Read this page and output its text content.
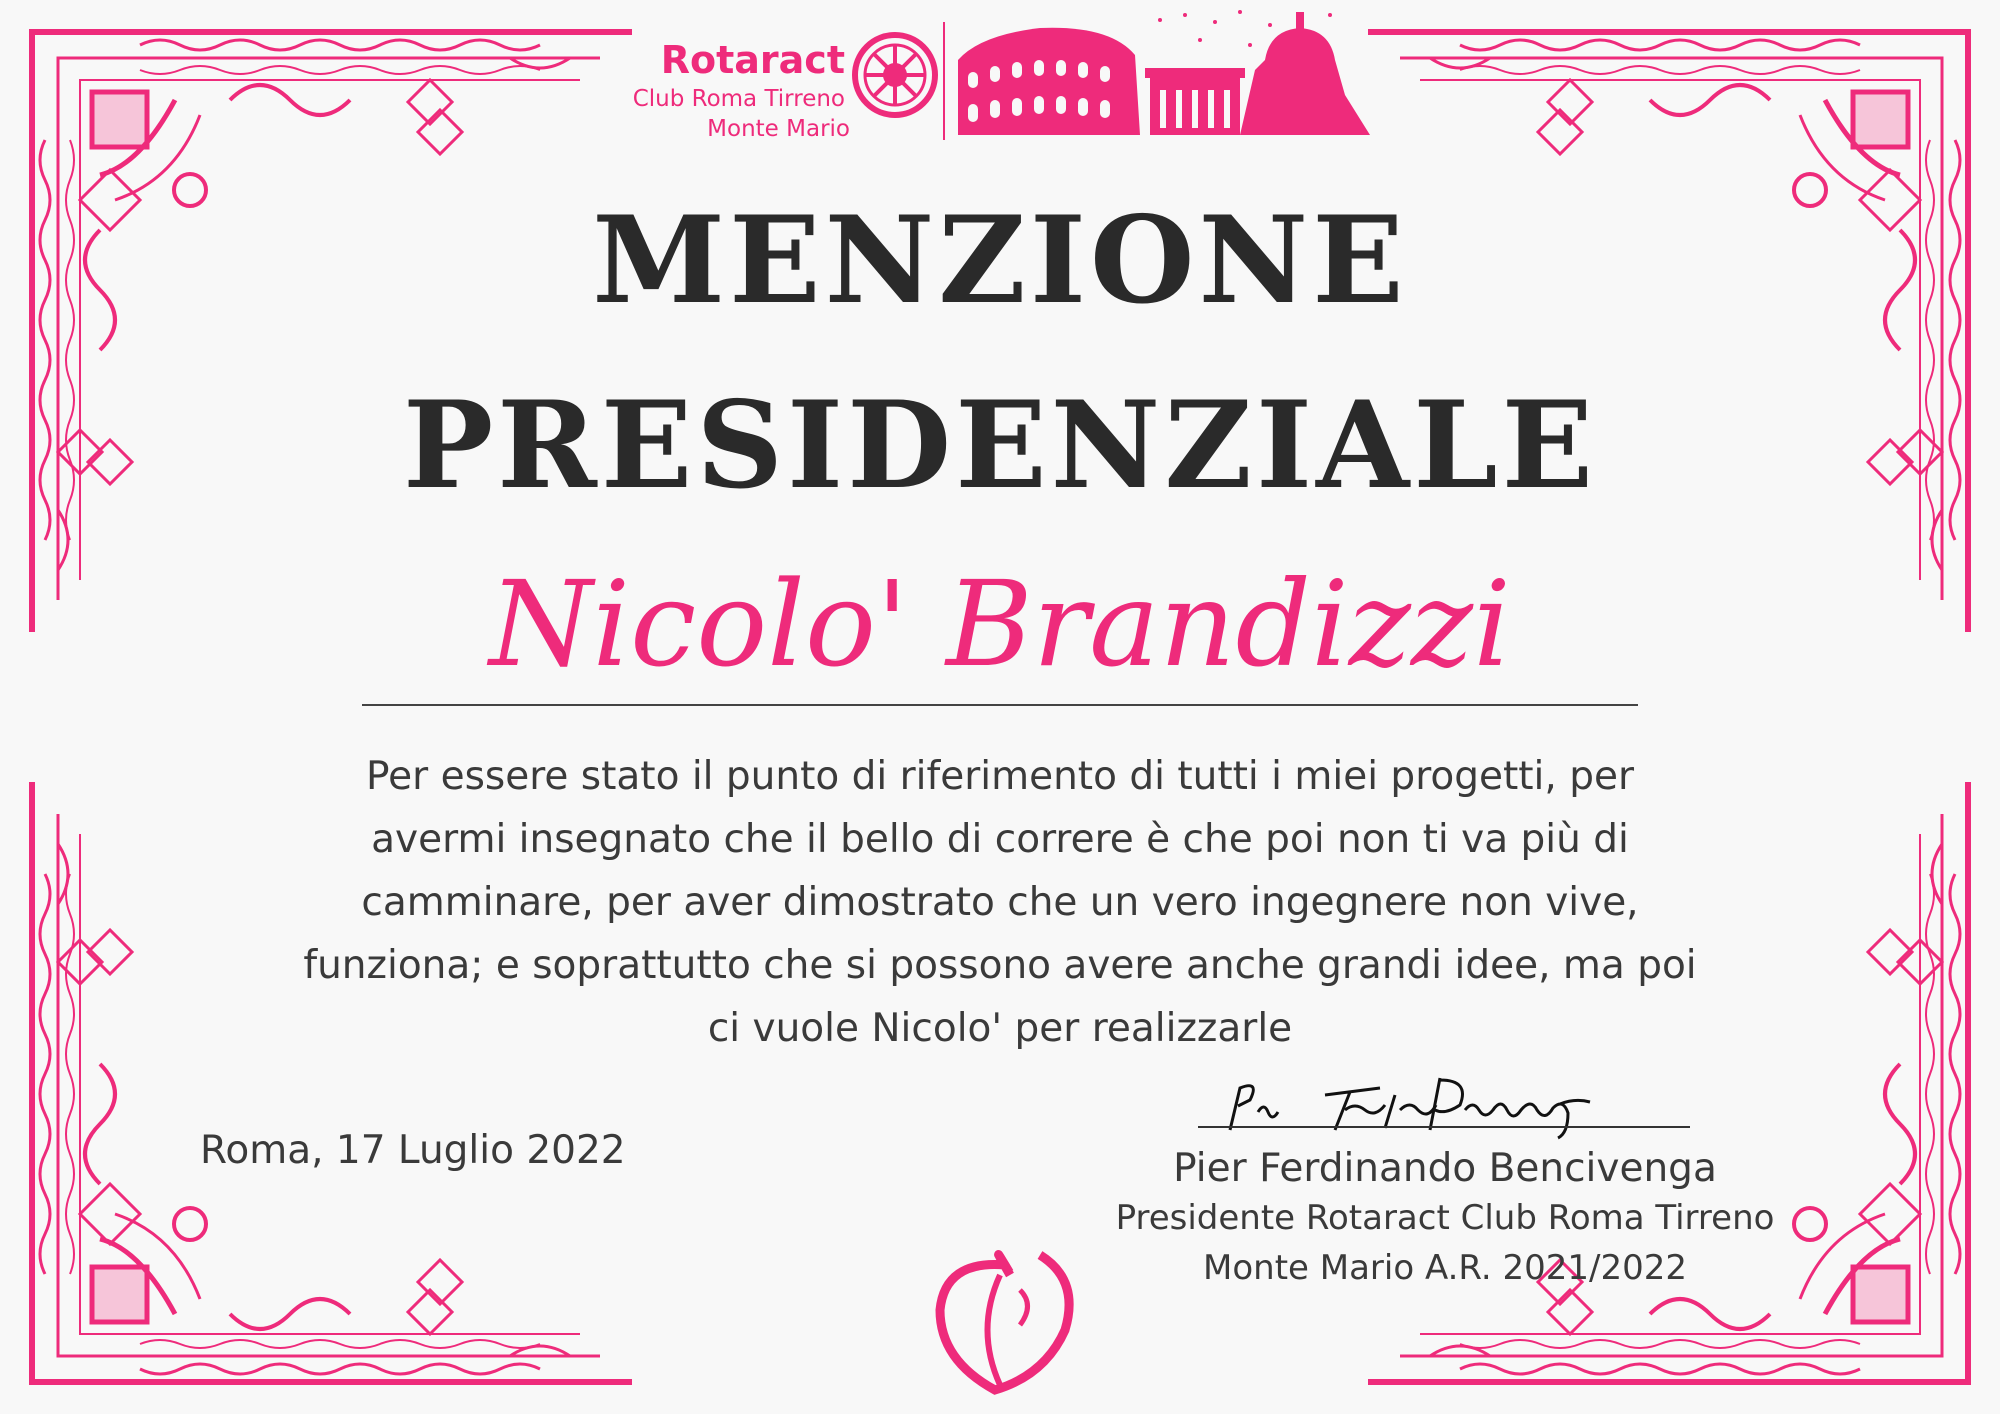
Rotaract
Club Roma Tirreno
Monte Mario
MENZIONE
PRESIDENZIALE
Nicolo' Brandizzi
Per essere stato il punto di riferimento di tutti i miei progetti, per
avermi insegnato che il bello di correre è che poi non ti va più di
camminare, per aver dimostrato che un vero ingegnere non vive,
funziona; e soprattutto che si possono avere anche grandi idee, ma poi
ci vuole Nicolo' per realizzarle
Roma, 17 Luglio 2022	Pier Ferdinando Bencivenga
Presidente Rotaract Club Roma Tirreno
Monte Mario A.R. 2021/2022
